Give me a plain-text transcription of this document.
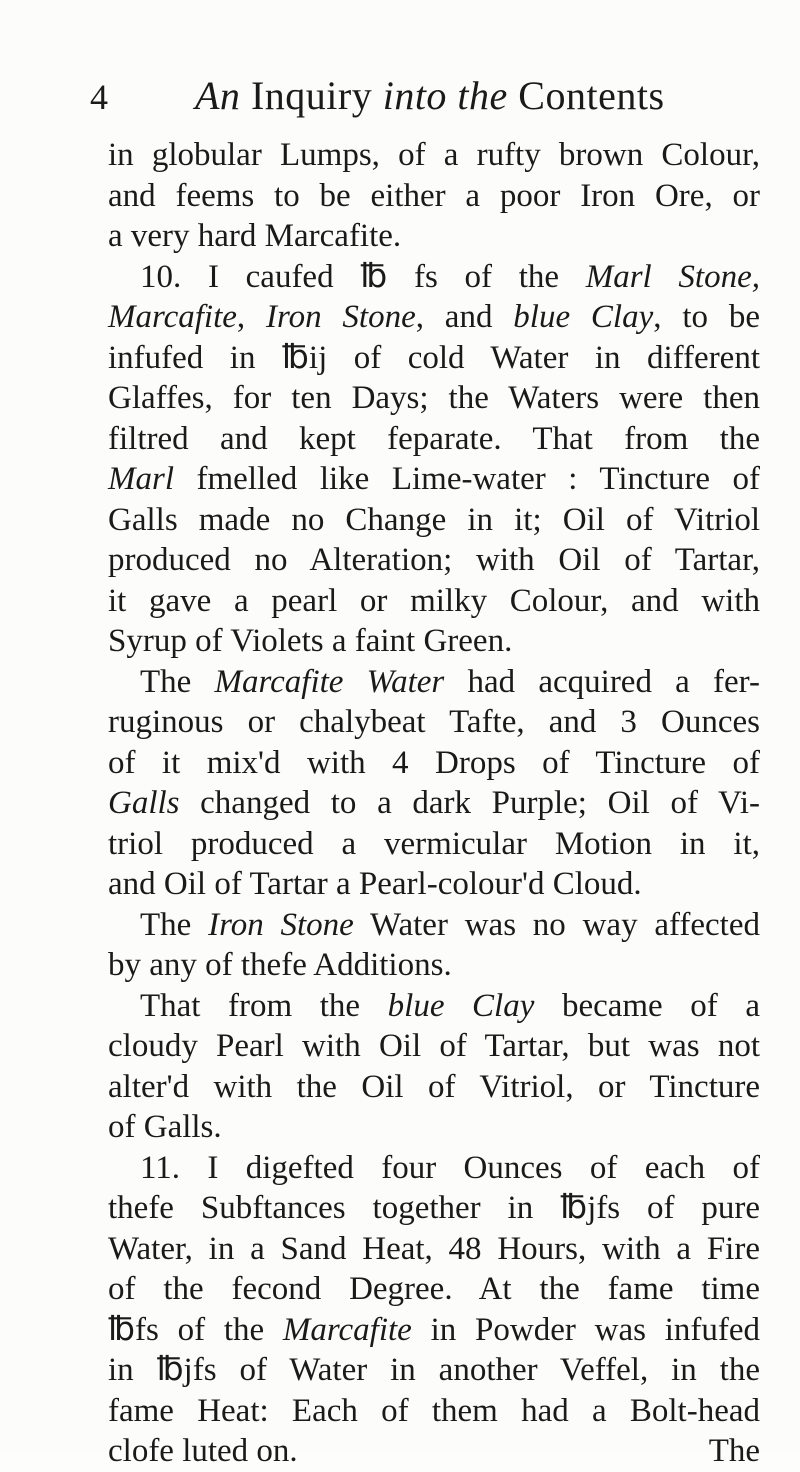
4 An Inquiry into the Contents
in globular Lumps, of a rufty brown Colour,
and feems to be either a poor Iron Ore, or
a very hard Marcafite.
10. I caufed ℔ fs of the Marl Stone,
Marcafite, Iron Stone, and blue Clay, to be
infufed in ℔ij of cold Water in different
Glaffes, for ten Days; the Waters were then
filtred and kept feparate. That from the
Marl fmelled like Lime-water : Tincture of
Galls made no Change in it; Oil of Vitriol
produced no Alteration; with Oil of Tartar,
it gave a pearl or milky Colour, and with
Syrup of Violets a faint Green.
The Marcafite Water had acquired a fer-
ruginous or chalybeat Tafte, and 3 Ounces
of it mix'd with 4 Drops of Tincture of
Galls changed to a dark Purple; Oil of Vi-
triol produced a vermicular Motion in it,
and Oil of Tartar a Pearl-colour'd Cloud.
The Iron Stone Water was no way affected
by any of thefe Additions.
That from the blue Clay became of a
cloudy Pearl with Oil of Tartar, but was not
alter'd with the Oil of Vitriol, or Tincture
of Galls.
11. I digefted four Ounces of each of
thefe Subftances together in ℔jfs of pure
Water, in a Sand Heat, 48 Hours, with a Fire
of the fecond Degree. At the fame time
℔fs of the Marcafite in Powder was infufed
in ℔jfs of Water in another Veffel, in the
fame Heat: Each of them had a Bolt-head
clofe luted on.	The
